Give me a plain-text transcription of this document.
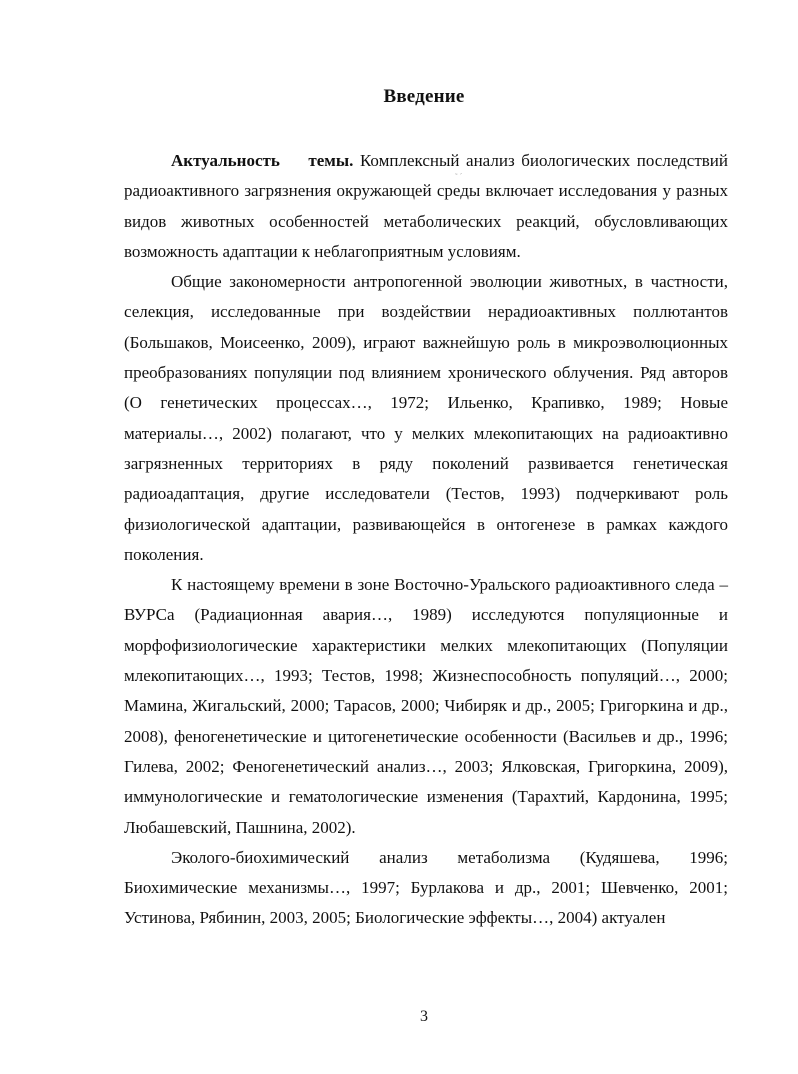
Введение
˜ ´

Актуальность темы. Комплексный анализ биологических последствий радиоактивного загрязнения окружающей среды включает исследования у разных видов животных особенностей метаболических реакций, обусловливающих возможность адаптации к неблагоприятным условиям.

Общие закономерности антропогенной эволюции животных, в частности, селекция, исследованные при воздействии нерадиоактивных поллютантов (Большаков, Моисеенко, 2009), играют важнейшую роль в микроэволюционных преобразованиях популяции под влиянием хронического облучения. Ряд авторов (О генетических процессах…, 1972; Ильенко, Крапивко, 1989; Новые материалы…, 2002) полагают, что у мелких млекопитающих на радиоактивно загрязненных территориях в ряду поколений развивается генетическая радиоадаптация, другие исследователи (Тестов, 1993) подчеркивают роль физиологической адаптации, развивающейся в онтогенезе в рамках каждого поколения.

К настоящему времени в зоне Восточно-Уральского радиоактивного следа – ВУРСа (Радиационная авария…, 1989) исследуются популяционные и морфофизиологические характеристики мелких млекопитающих (Популяции млекопитающих…, 1993; Тестов, 1998; Жизнеспособность популяций…, 2000; Мамина, Жигальский, 2000; Тарасов, 2000; Чибиряк и др., 2005; Григоркина и др., 2008), феногенетические и цитогенетические особенности (Васильев и др., 1996; Гилева, 2002; Феногенетический анализ…, 2003; Ялковская, Григоркина, 2009), иммунологические и гематологические изменения (Тарахтий, Кардонина, 1995; Любашевский, Пашнина, 2002).

Эколого-биохимический анализ метаболизма (Кудяшева, 1996; Биохимические механизмы…, 1997; Бурлакова и др., 2001; Шевченко, 2001; Устинова, Рябинин, 2003, 2005; Биологические эффекты…, 2004) актуален

3
